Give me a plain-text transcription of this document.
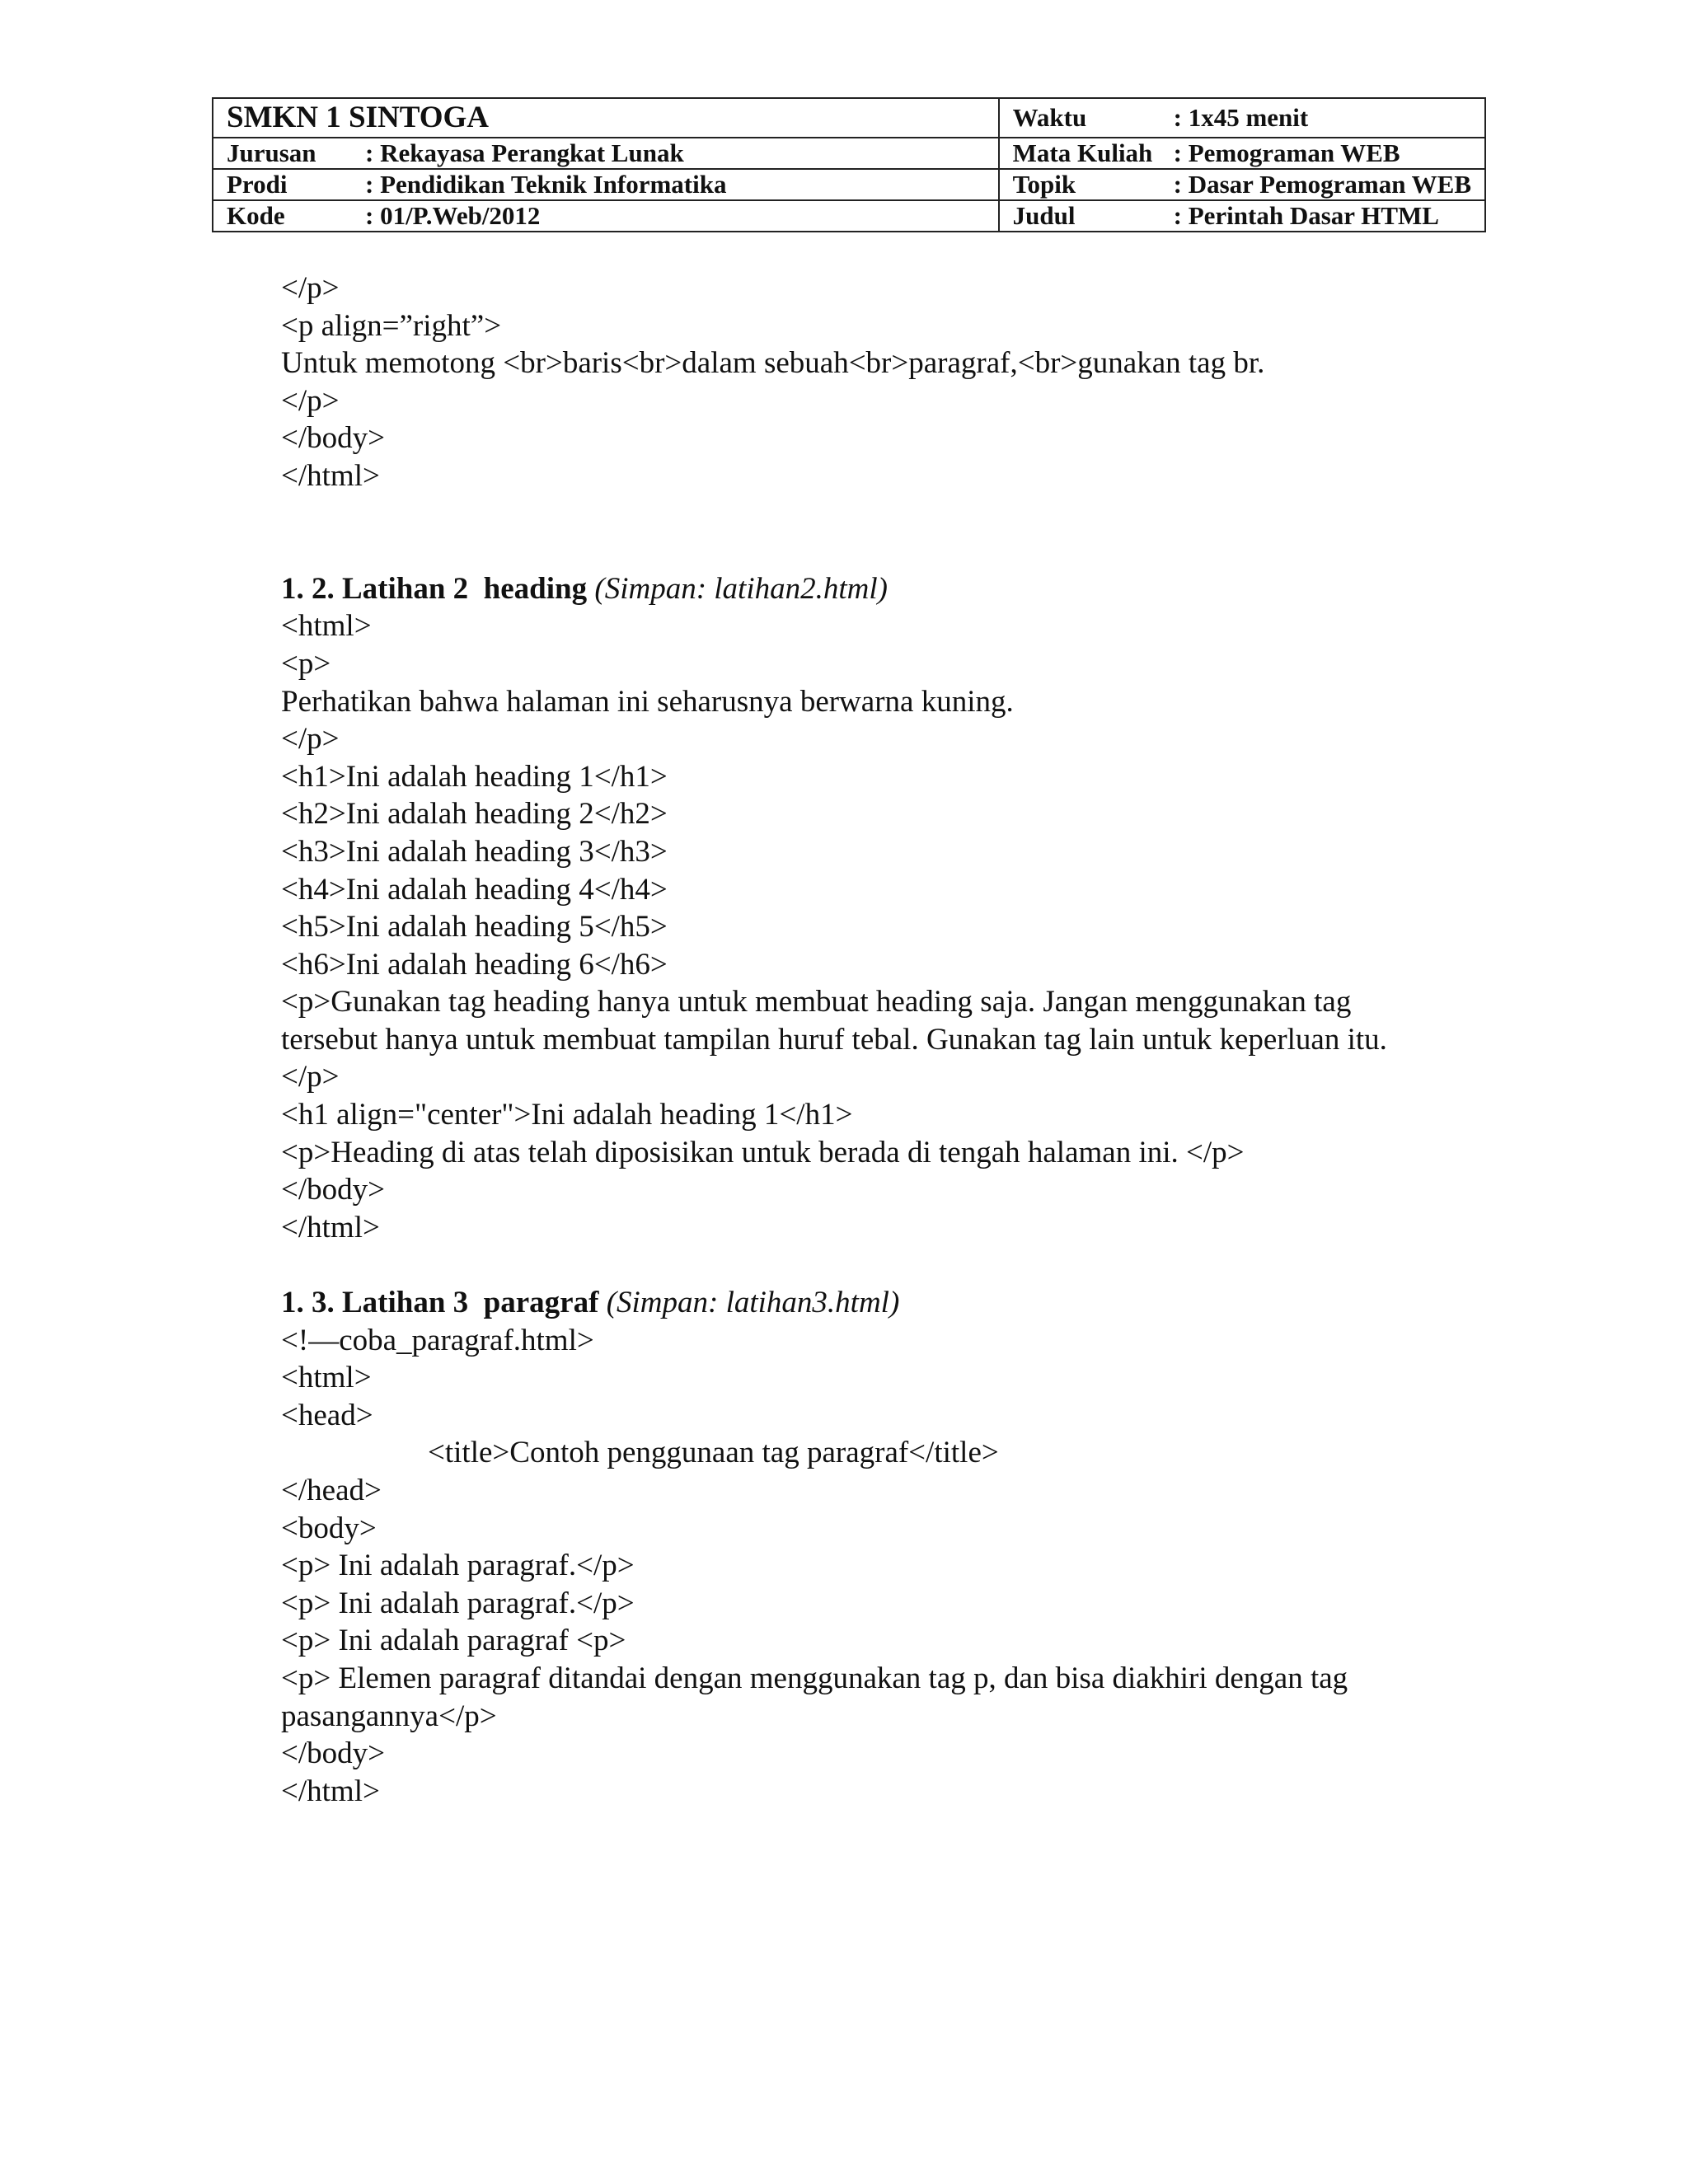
SMKN 1 SINTOGA	Waktu : 1x45 menit
Jurusan : Rekayasa Perangkat Lunak	Mata Kuliah : Pemograman WEB
Prodi : Pendidikan Teknik Informatika	Topik : Dasar Pemograman WEB
Kode : 01/P.Web/2012	Judul : Perintah Dasar HTML
</p>
<p align=”right”>
Untuk memotong <br>baris<br>dalam sebuah<br>paragraf,<br>gunakan tag br.
</p>
</body>
</html>
1. 2. Latihan 2  heading (Simpan: latihan2.html)
<html>
<p>
Perhatikan bahwa halaman ini seharusnya berwarna kuning.
</p>
<h1>Ini adalah heading 1</h1>
<h2>Ini adalah heading 2</h2>
<h3>Ini adalah heading 3</h3>
<h4>Ini adalah heading 4</h4>
<h5>Ini adalah heading 5</h5>
<h6>Ini adalah heading 6</h6>
<p>Gunakan tag heading hanya untuk membuat heading saja. Jangan menggunakan tag
tersebut hanya untuk membuat tampilan huruf tebal. Gunakan tag lain untuk keperluan itu.
</p>
<h1 align="center">Ini adalah heading 1</h1>
<p>Heading di atas telah diposisikan untuk berada di tengah halaman ini. </p>
</body>
</html>
1. 3. Latihan 3  paragraf (Simpan: latihan3.html)
<!—coba_paragraf.html>
<html>
<head>
<title>Contoh penggunaan tag paragraf</title>
</head>
<body>
<p> Ini adalah paragraf.</p>
<p> Ini adalah paragraf.</p>
<p> Ini adalah paragraf <p>
<p> Elemen paragraf ditandai dengan menggunakan tag p, dan bisa diakhiri dengan tag
pasangannya</p>
</body>
</html>
